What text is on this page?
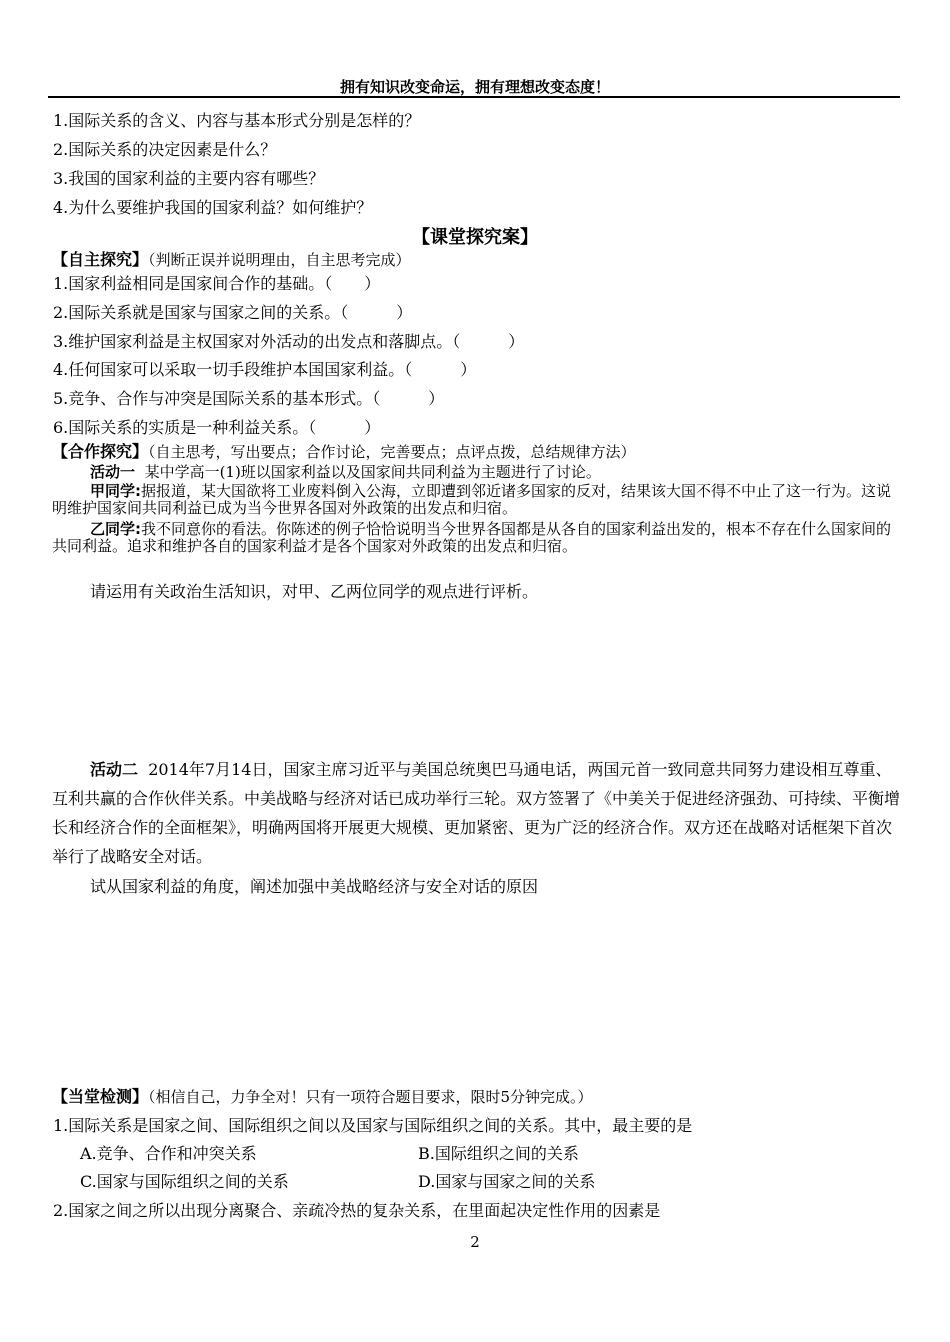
拥有知识改变命运，拥有理想改变态度！
1.国际关系的含义、内容与基本形式分别是怎样的？
2.国际关系的决定因素是什么？
3.我国的国家利益的主要内容有哪些？
4.为什么要维护我国的国家利益？如何维护？
【课堂探究案】
【自主探究】（判断正误并说明理由，自主思考完成）
1.国家利益相同是国家间合作的基础。（　　）
2.国际关系就是国家与国家之间的关系。（　　　）
3.维护国家利益是主权国家对外活动的出发点和落脚点。（　　　）
4.任何国家可以采取一切手段维护本国国家利益。（　　　）
5.竞争、合作与冲突是国际关系的基本形式。（　　　）
6.国际关系的实质是一种利益关系。（　　　）
【合作探究】（自主思考，写出要点；合作讨论，完善要点；点评点拨，总结规律方法）
活动一 某中学高一(1)班以国家利益以及国家间共同利益为主题进行了讨论。
甲同学:据报道，某大国欲将工业废料倒入公海，立即遭到邻近诸多国家的反对，结果该大国不得不中止了这一行为。这说明维护国家间共同利益已成为当今世界各国对外政策的出发点和归宿。
乙同学:我不同意你的看法。你陈述的例子恰恰说明当今世界各国都是从各自的国家利益出发的，根本不存在什么国家间的共同利益。追求和维护各自的国家利益才是各个国家对外政策的出发点和归宿。
请运用有关政治生活知识，对甲、乙两位同学的观点进行评析。
活动二 2014年7月14日，国家主席习近平与美国总统奥巴马通电话，两国元首一致同意共同努力建设相互尊重、互利共赢的合作伙伴关系。中美战略与经济对话已成功举行三轮。双方签署了《中美关于促进经济强劲、可持续、平衡增长和经济合作的全面框架》，明确两国将开展更大规模、更加紧密、更为广泛的经济合作。双方还在战略对话框架下首次举行了战略安全对话。
试从国家利益的角度，阐述加强中美战略经济与安全对话的原因
【当堂检测】（相信自己，力争全对！只有一项符合题目要求，限时5分钟完成。）
1.国际关系是国家之间、国际组织之间以及国家与国际组织之间的关系。其中，最主要的是
A.竞争、合作和冲突关系	B.国际组织之间的关系
C.国家与国际组织之间的关系	D.国家与国家之间的关系
2.国家之间之所以出现分离聚合、亲疏冷热的复杂关系，在里面起决定性作用的因素是
2
